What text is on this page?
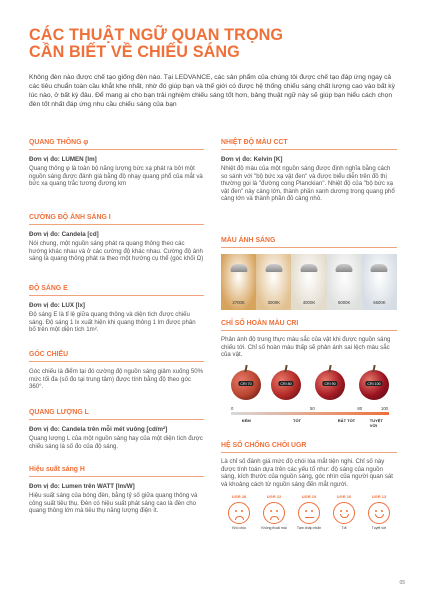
CÁC THUẬT NGỮ QUAN TRỌNG
CẦN BIẾT VỀ CHIẾU SÁNG
Không đèn nào được chế tạo giống đèn nào. Tại LEDVANCE, các sản phẩm của chúng tôi được chế tạo đáp ứng ngay cả các tiêu chuẩn toàn cầu khắt khe nhất, nhờ đó giúp bạn và thế giới có được hệ thống chiếu sáng chất lượng cao vào bất kỳ lúc nào, ở bất kỳ đâu. Để mang ại cho bạn trải nghiệm chiếu sáng tốt hơn, bảng thuật ngữ này sẽ giúp bạn hiểu cách chọn đèn tốt nhất đáp ứng nhu cầu chiếu sáng của bạn
QUANG THÔNG φ
Đơn vị đo: LUMEN [lm]
Quang thông φ là toàn bộ năng lượng bức xạ phát ra bởi một nguồn sáng được đánh giá bằng độ nhạy quang phổ của mắt và bức xạ quang trắc tương đương km
CƯỜNG ĐỘ ÁNH SÁNG I
Đơn vị đo: Candela [cd]
Nói chung, một nguồn sáng phát ra quang thông theo các hướng khác nhau và ở các cường độ khác nhau. Cường độ ánh sáng là quang thông phát ra theo một hướng cụ thể (góc khối Ω)
ĐỘ SÁNG E
Đơn vị đo: LUX [lx]
Độ sáng E là tỉ lệ giữa quang thông và diện tích được chiếu sáng. Độ sáng 1 lx xuất hiện khi quang thông 1 lm được phân bố trên một diện tích 1m².
GÓC CHIẾU
Góc chiếu là điểm tại đó cường độ nguồn sáng giảm xuống 50% mức tối đa (số đo tại trung tâm) được tính bằng độ theo góc 360°.
QUANG LƯỢNG L
Đơn vị đo: Candela trên mỗi mét vuông [cd/m²]
Quang lượng L của một nguồn sáng hay của một diện tích được chiếu sáng là số đo của độ sáng.
Hiệu suất sáng H
Đơn vị đo: Lumen trên WATT [lm/W]
Hiệu suất sáng của bóng đèn, bằng tỷ số giữa quang thông và công suất tiêu thụ. Đèn có hiệu suất phát sáng cao là đèn cho quang thông lớn mà tiêu thụ năng lượng điện ít.
NHIỆT ĐỘ MÀU CCT
Đơn vị đo: Kelvin [K]
Nhiệt độ màu của một nguồn sáng được định nghĩa bằng cách so sánh với "bộ bức xạ vật đen" và được biểu diễn trên đồ thị thường gọi là "đường cong Planckian". Nhiệt độ của "bộ bức xạ vật đen" này càng lớn, thành phần xanh dương trong quang phổ càng lớn và thành phần đỏ càng nhỏ.
MÀU ÁNH SÁNG
2700K	3000K	4000K	5000K	6500K
CHỈ SỐ HOÀN MÀU CRI
Phản ánh độ trung thực màu sắc của vật khi được nguồn sáng chiếu tới. Chỉ số hoàn màu thấp sẽ phản ánh sai lệch màu sắc của vật.
0	50	80	100
KÉM	TỐT	RẤT TỐT	TUYỆT VỜI
CRI 70	CRI 80	CRI 90	CRI 100
HỆ SỐ CHỐNG CHÓI UGR
Là chỉ số đánh giá mức độ chói lóa mắt tiện nghi. Chỉ số này được tính toán dựa trên các yếu tố như: độ sáng của nguồn sáng, kích thước của nguồn sáng, góc nhìn của người quan sát và khoảng cách từ nguồn sáng đến mắt người.
UGR 28
Khó chịu
UGR 22
Không thoải mái
UGR 19
Tạm chấp nhận
UGR 16
Tốt
UGR 13
Tuyệt vời
05
